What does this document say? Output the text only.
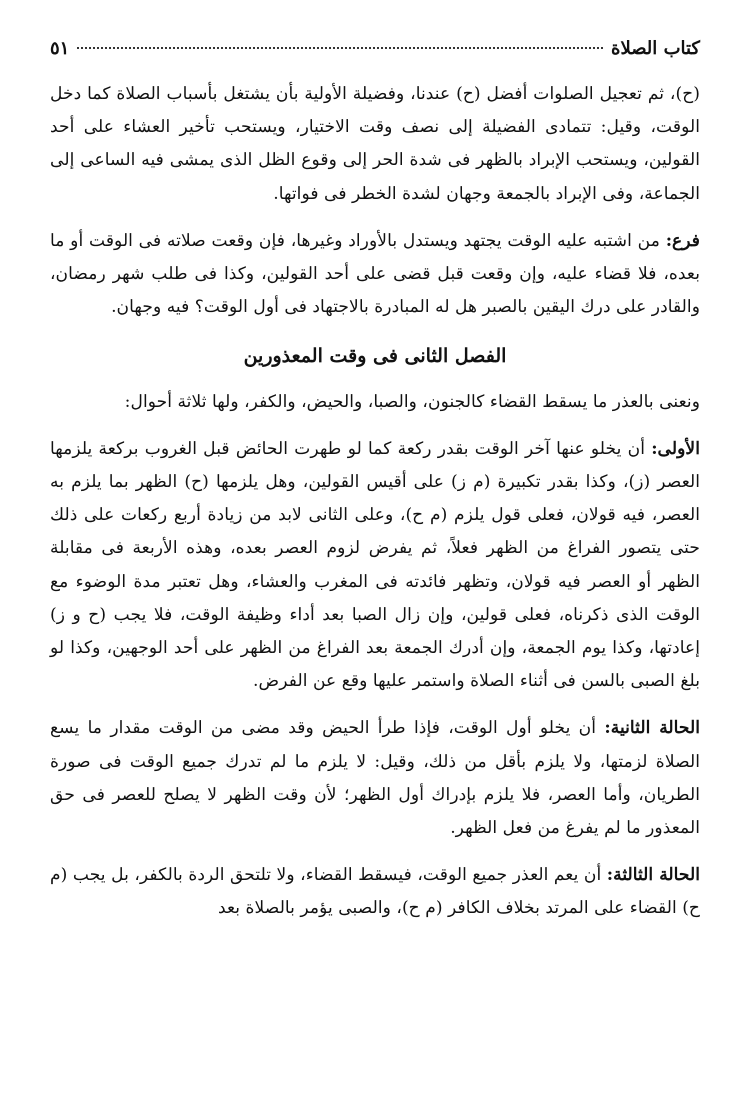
كتاب الصلاة
٥١

(ح)، ثم تعجيل الصلوات أفضل (ح) عندنا، وفضيلة الأولية بأن يشتغل بأسباب الصلاة كما دخل الوقت، وقيل: تتمادى الفضيلة إلى نصف وقت الاختيار، ويستحب تأخير العشاء على أحد القولين، ويستحب الإبراد بالظهر فى شدة الحر إلى وقوع الظل الذى يمشى فيه الساعى إلى الجماعة، وفى الإبراد بالجمعة وجهان لشدة الخطر فى فواتها.

فرع: من اشتبه عليه الوقت يجتهد ويستدل بالأوراد وغيرها، فإن وقعت صلاته فى الوقت أو ما بعده، فلا قضاء عليه، وإن وقعت قبل قضى على أحد القولين، وكذا فى طلب شهر رمضان، والقادر على درك اليقين بالصبر هل له المبادرة بالاجتهاد فى أول الوقت؟ فيه وجهان.

الفصل الثانى فى وقت المعذورين

ونعنى بالعذر ما يسقط القضاء كالجنون، والصبا، والحيض، والكفر، ولها ثلاثة أحوال:

الأولى: أن يخلو عنها آخر الوقت بقدر ركعة كما لو طهرت الحائض قبل الغروب بركعة يلزمها العصر (ز)، وكذا بقدر تكبيرة (م ز) على أقيس القولين، وهل يلزمها (ح) الظهر بما يلزم به العصر، فيه قولان، فعلى قول يلزم (م ح)، وعلى الثانى لابد من زيادة أربع ركعات على ذلك حتى يتصور الفراغ من الظهر فعلاً، ثم يفرض لزوم العصر بعده، وهذه الأربعة فى مقابلة الظهر أو العصر فيه قولان، وتظهر فائدته فى المغرب والعشاء، وهل تعتبر مدة الوضوء مع الوقت الذى ذكرناه، فعلى قولين، وإن زال الصبا بعد أداء وظيفة الوقت، فلا يجب (ح و ز) إعادتها، وكذا يوم الجمعة، وإن أدرك الجمعة بعد الفراغ من الظهر على أحد الوجهين، وكذا لو بلغ الصبى بالسن فى أثناء الصلاة واستمر عليها وقع عن الفرض.

الحالة الثانية: أن يخلو أول الوقت، فإذا طرأ الحيض وقد مضى من الوقت مقدار ما يسع الصلاة لزمتها، ولا يلزم بأقل من ذلك، وقيل: لا يلزم ما لم تدرك جميع الوقت فى صورة الطريان، وأما العصر، فلا يلزم بإدراك أول الظهر؛ لأن وقت الظهر لا يصلح للعصر فى حق المعذور ما لم يفرغ من فعل الظهر.

الحالة الثالثة: أن يعم العذر جميع الوقت، فيسقط القضاء، ولا تلتحق الردة بالكفر، بل يجب (م ح) القضاء على المرتد بخلاف الكافر (م ح)، والصبى يؤمر بالصلاة بعد
